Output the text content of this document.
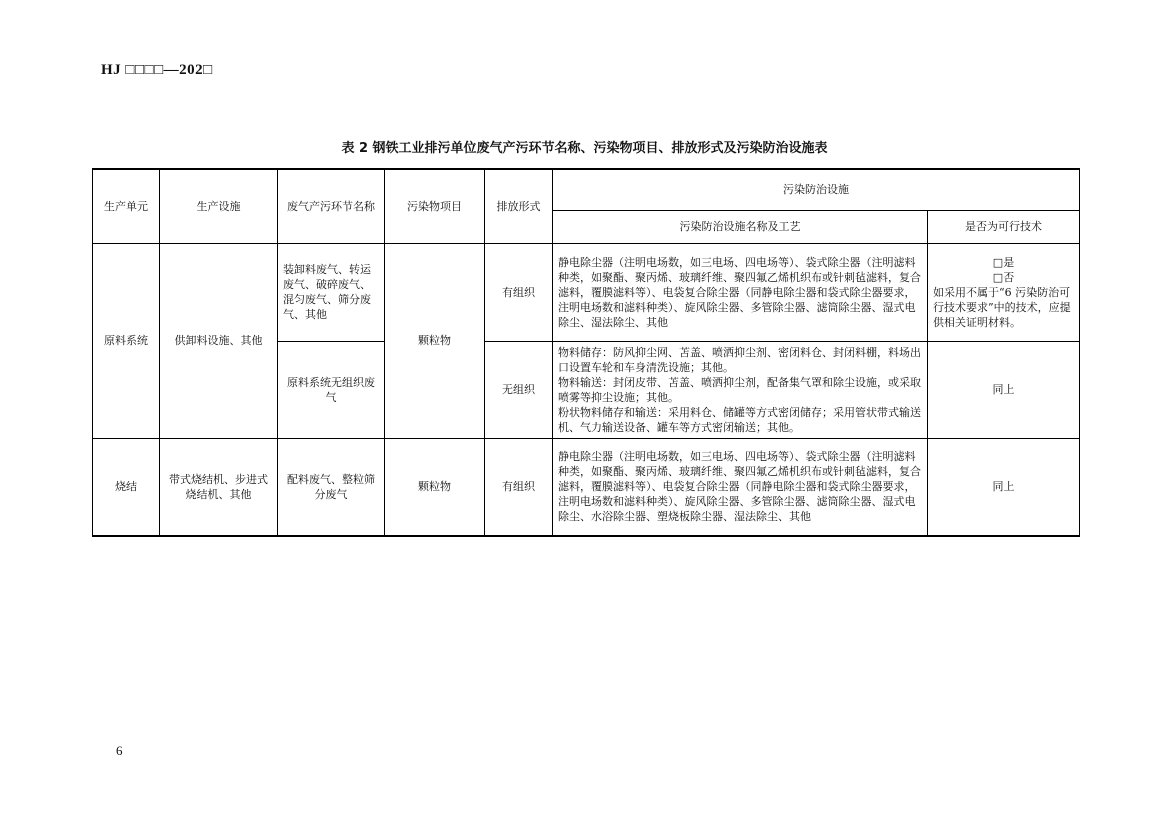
HJ □□□□—202□
表 2 钢铁工业排污单位废气产污环节名称、污染物项目、排放形式及污染防治设施表
生产单元	生产设施	废气产污环节名称	污染物项目	排放形式	污染防治设施	
					污染防治设施名称及工艺	是否为可行技术
原料系统	供卸料设施、其他	装卸料废气、转运废气、破碎废气、混匀废气、筛分废气、其他	颗粒物	有组织	静电除尘器（注明电场数，如三电场、四电场等）、袋式除尘器（注明滤料种类，如聚酯、聚丙烯、玻璃纤维、聚四氟乙烯机织布或针刺毡滤料，复合滤料，覆膜滤料等）、电袋复合除尘器（同静电除尘器和袋式除尘器要求，注明电场数和滤料种类）、旋风除尘器、多管除尘器、滤筒除尘器、湿式电除尘、湿法除尘、其他	□是
□否
如采用不属于“6 污染防治可行技术要求”中的技术，应提供相关证明材料。
		原料系统无组织废气		无组织	物料储存：防风抑尘网、苫盖、喷洒抑尘剂、密闭料仓、封闭料棚，料场出口设置车轮和车身清洗设施；其他。
物料输送：封闭皮带、苫盖、喷洒抑尘剂，配备集气罩和除尘设施，或采取喷雾等抑尘设施；其他。
粉状物料储存和输送：采用料仓、储罐等方式密闭储存；采用管状带式输送机、气力输送设备、罐车等方式密闭输送；其他。	同上
烧结	带式烧结机、步进式烧结机、其他	配料废气、整粒筛分废气	颗粒物	有组织	静电除尘器（注明电场数，如三电场、四电场等）、袋式除尘器（注明滤料种类，如聚酯、聚丙烯、玻璃纤维、聚四氟乙烯机织布或针刺毡滤料，复合滤料，覆膜滤料等）、电袋复合除尘器（同静电除尘器和袋式除尘器要求，注明电场数和滤料种类）、旋风除尘器、多管除尘器、滤筒除尘器、湿式电除尘、水浴除尘器、塑烧板除尘器、湿法除尘、其他	同上
6
